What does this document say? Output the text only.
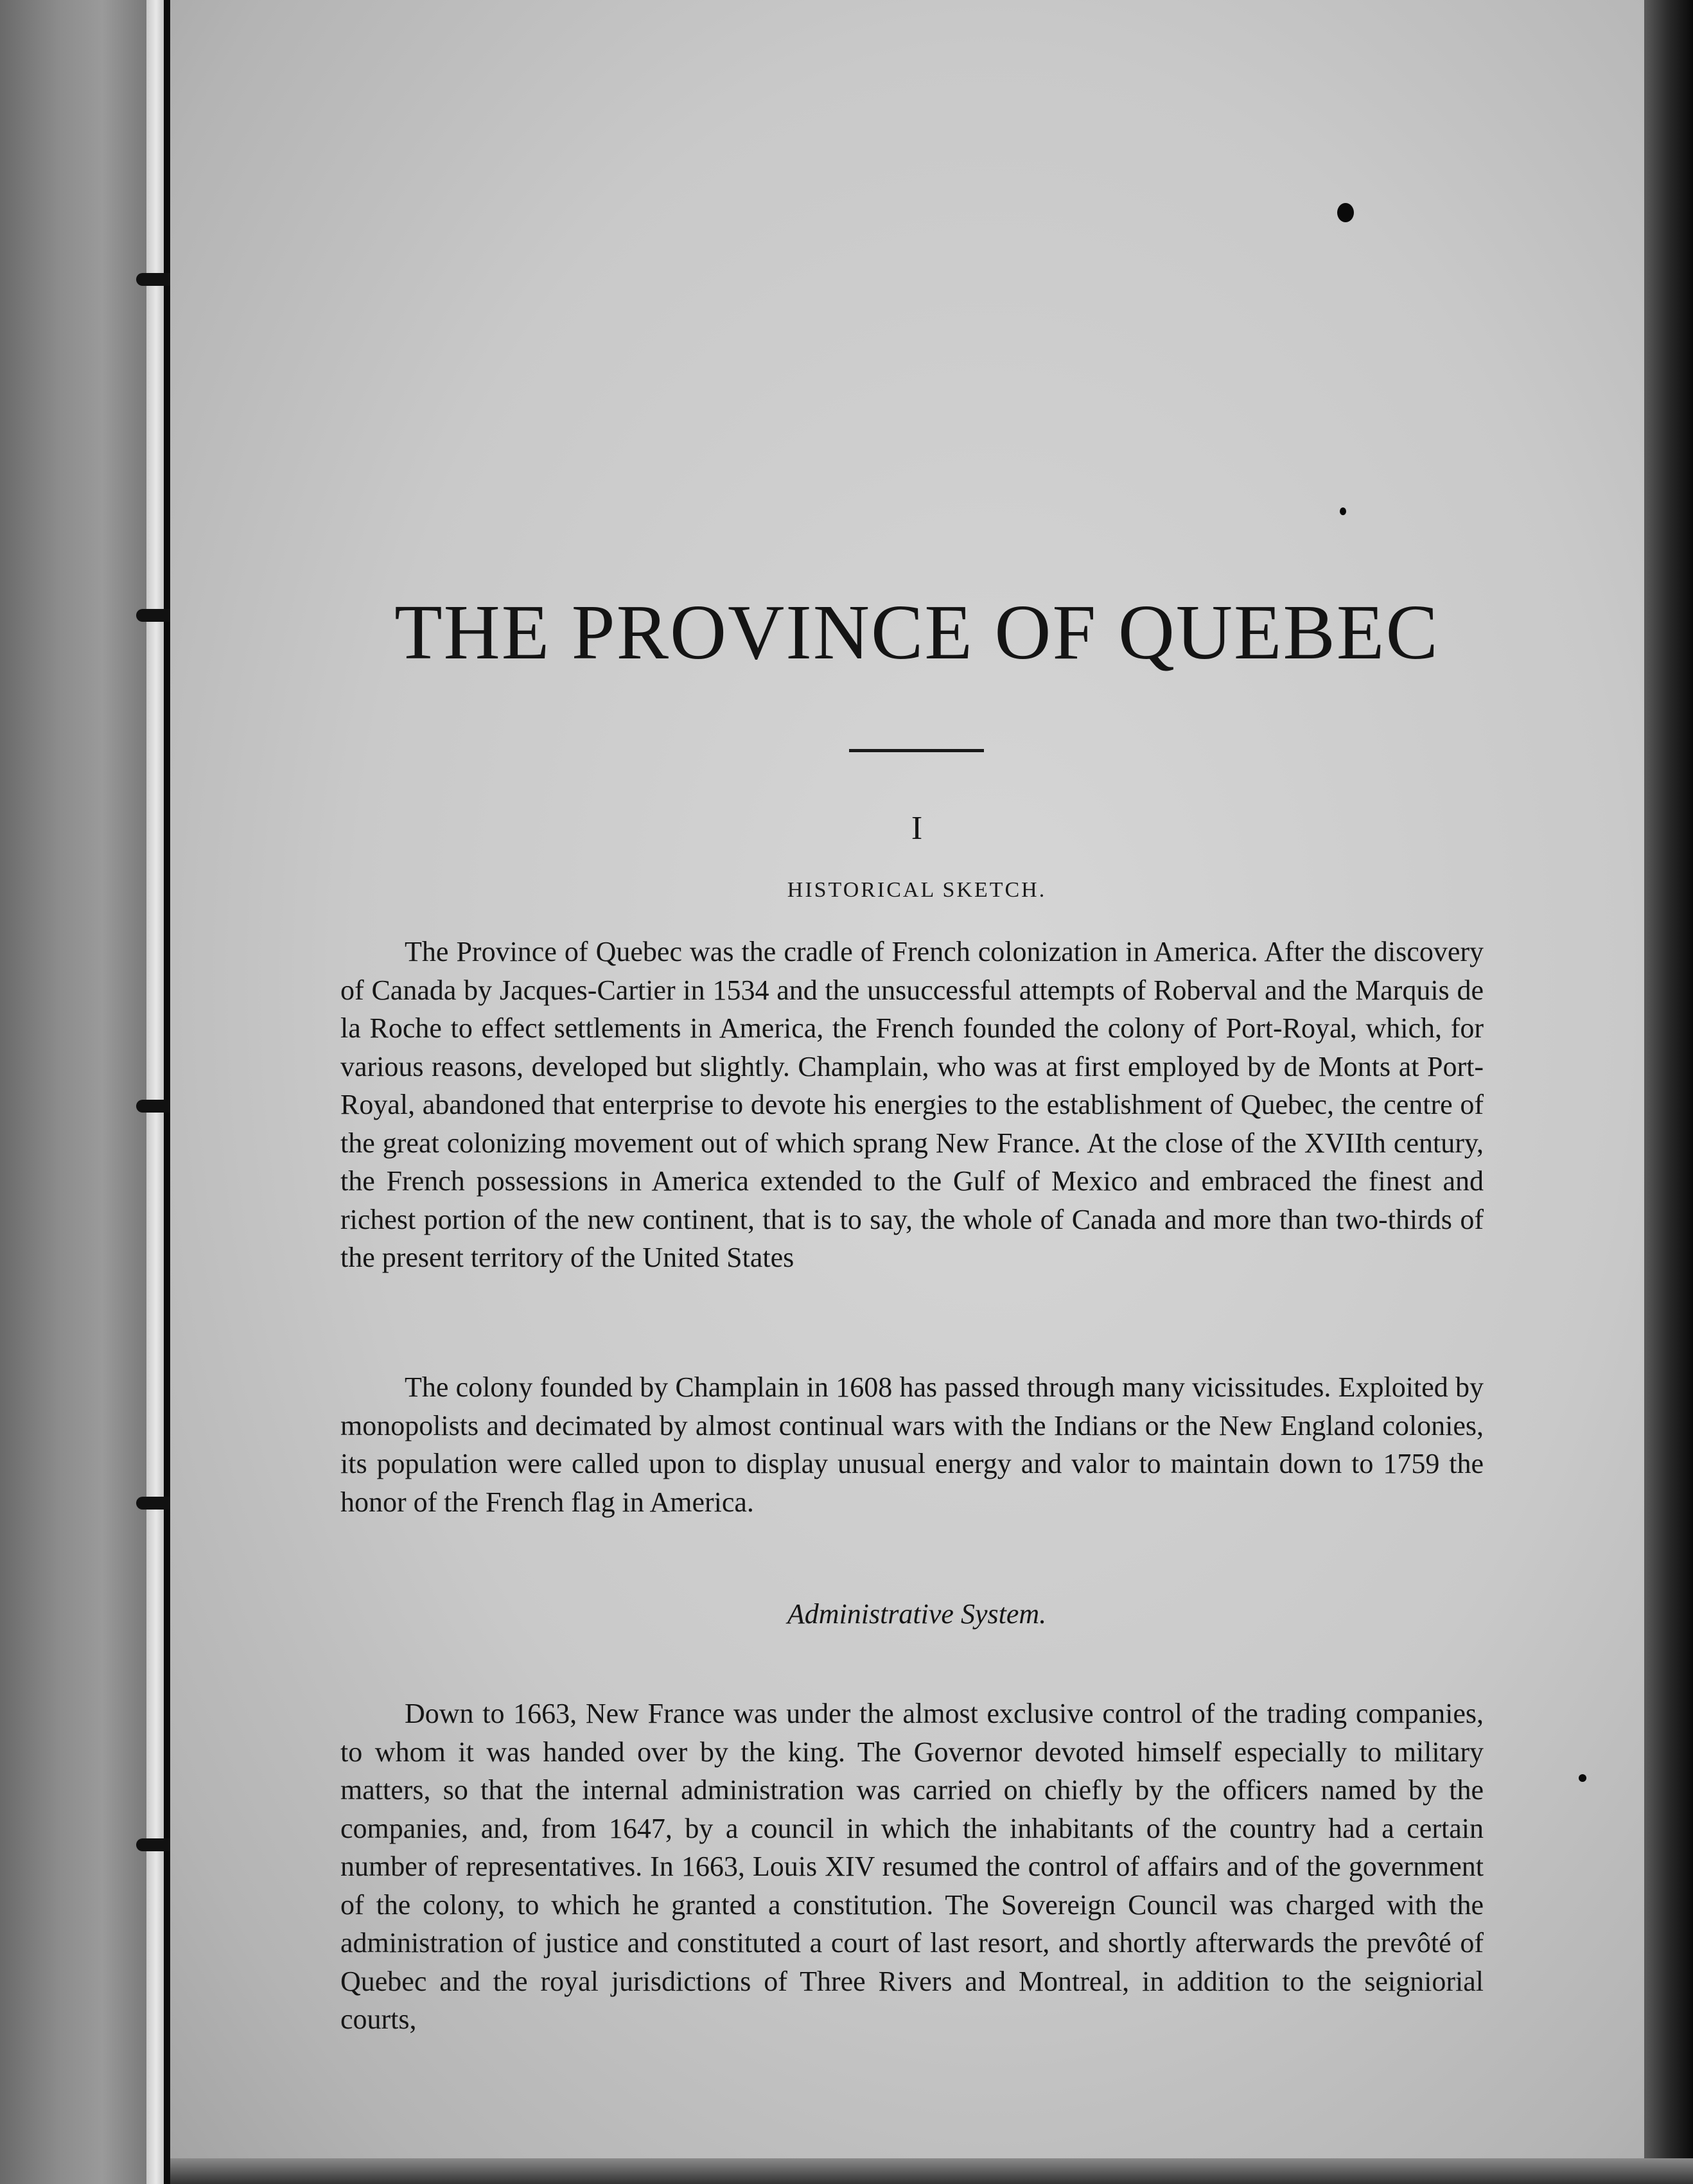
THE PROVINCE OF QUEBEC
I
HISTORICAL SKETCH.

The Province of Quebec was the cradle of French colonization in America. After the discovery of Canada by Jacques-Cartier in 1534 and the unsuccessful attempts of Roberval and the Marquis de la Roche to effect settlements in America, the French founded the colony of Port-Royal, which, for various reasons, developed but slightly. Champlain, who was at first employed by de Monts at Port-Royal, abandoned that enterprise to devote his energies to the establishment of Quebec, the centre of the great colonizing movement out of which sprang New France. At the close of the XVIIth century, the French possessions in America extended to the Gulf of Mexico and embraced the finest and richest portion of the new continent, that is to say, the whole of Canada and more than two-thirds of the present territory of the United States

The colony founded by Champlain in 1608 has passed through many vicissitudes. Exploited by monopolists and decimated by almost continual wars with the Indians or the New England colonies, its population were called upon to display unusual energy and valor to maintain down to 1759 the honor of the French flag in America.

Administrative System.

Down to 1663, New France was under the almost exclusive control of the trading companies, to whom it was handed over by the king. The Governor devoted himself especially to military matters, so that the internal administration was carried on chiefly by the officers named by the companies, and, from 1647, by a council in which the inhabitants of the country had a certain number of representatives. In 1663, Louis XIV resumed the control of affairs and of the government of the colony, to which he granted a constitution. The Sovereign Council was charged with the administration of justice and constituted a court of last resort, and shortly afterwards the prevôté of Quebec and the royal jurisdictions of Three Rivers and Montreal, in addition to the seigniorial courts,
